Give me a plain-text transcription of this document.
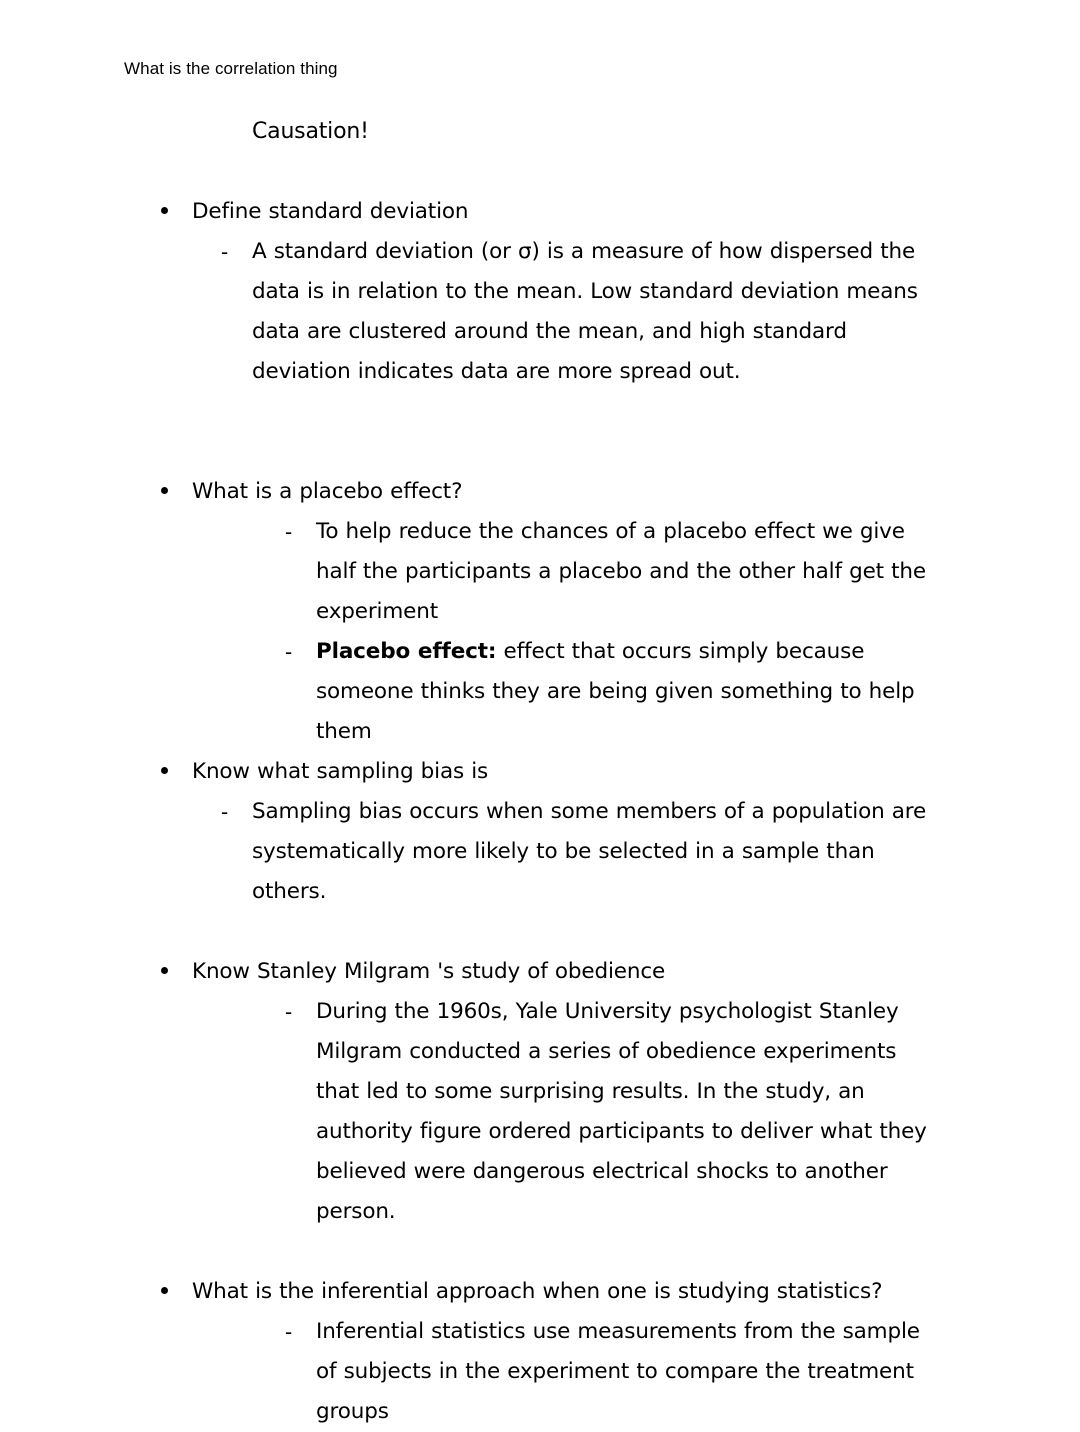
What is the correlation thing
Causation!
Define standard deviation
- A standard deviation (or σ) is a measure of how dispersed the data is in relation to the mean. Low standard deviation means data are clustered around the mean, and high standard deviation indicates data are more spread out.
What is a placebo effect?
- To help reduce the chances of a placebo effect we give half the participants a placebo and the other half get the experiment
- Placebo effect: effect that occurs simply because someone thinks they are being given something to help them
Know what sampling bias is
- Sampling bias occurs when some members of a population are systematically more likely to be selected in a sample than others.
Know Stanley Milgram 's study of obedience
- During the 1960s, Yale University psychologist Stanley Milgram conducted a series of obedience experiments that led to some surprising results. In the study, an authority figure ordered participants to deliver what they believed were dangerous electrical shocks to another person.
What is the inferential approach when one is studying statistics?
- Inferential statistics use measurements from the sample of subjects in the experiment to compare the treatment groups
